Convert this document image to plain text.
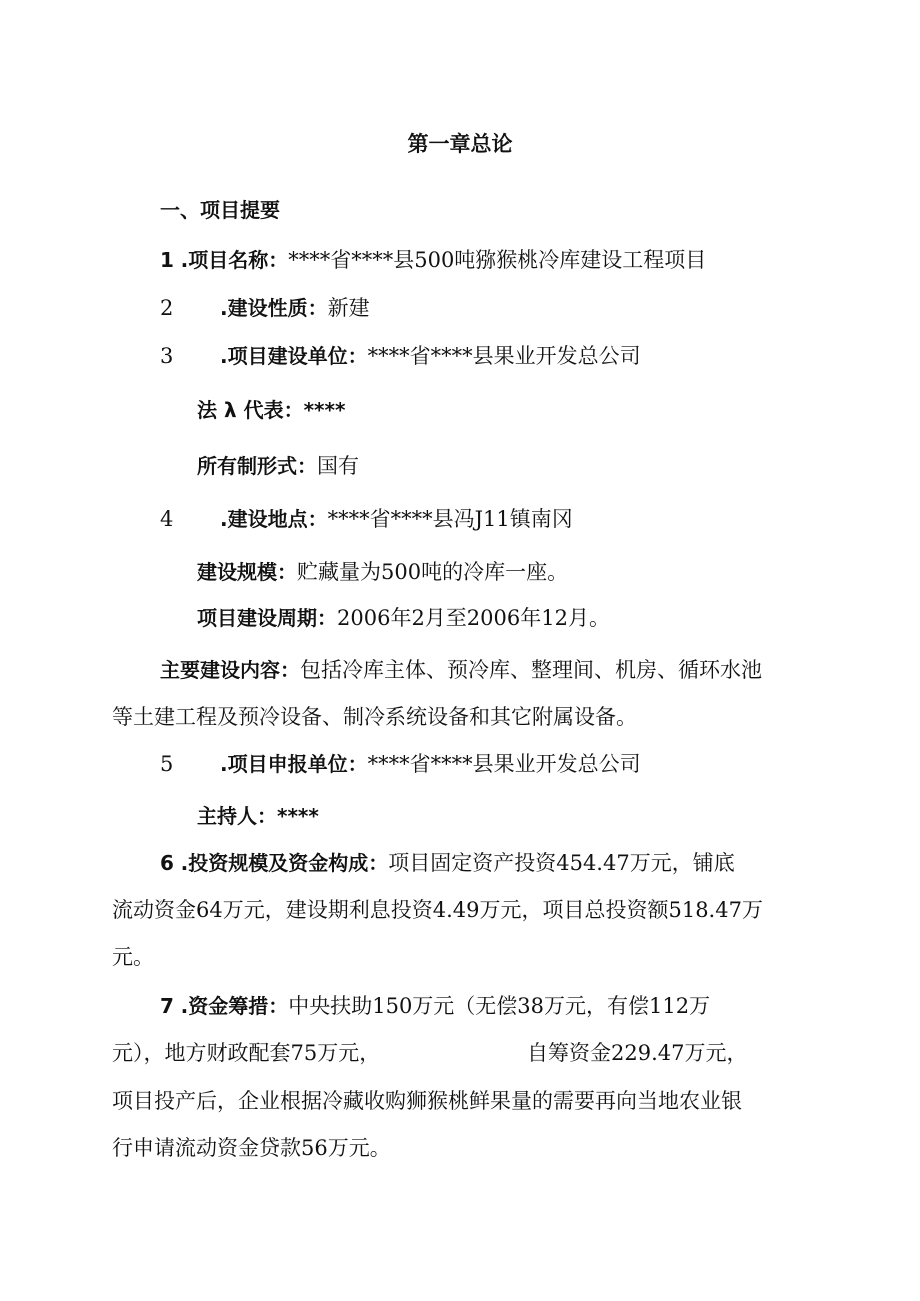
第一章总论
一、项目提要
1 .项目名称：****省****县500吨猕猴桃冷库建设工程项目
2 .建设性质：新建
3 .项目建设单位：****省****县果业开发总公司
法 λ 代表：****
所有制形式：国有
4 .建设地点：****省****县冯J11镇南冈
建设规模：贮藏量为500吨的冷库一座。
项目建设周期：2006年2月至2006年12月。
主要建设内容：包括冷库主体、预冷库、整理间、机房、循环水池
等土建工程及预冷设备、制冷系统设备和其它附属设备。
5 .项目申报单位：****省****县果业开发总公司
主持人：****
6 .投资规模及资金构成：项目固定资产投资454.47万元，铺底
流动资金64万元，建设期利息投资4.49万元，项目总投资额518.47万
元。
7 .资金筹措：中央扶助150万元（无偿38万元，有偿112万
元），地方财政配套75万元，	自筹资金229.47万元，
项目投产后，企业根据冷藏收购狮猴桃鲜果量的需要再向当地农业银
行申请流动资金贷款56万元。
